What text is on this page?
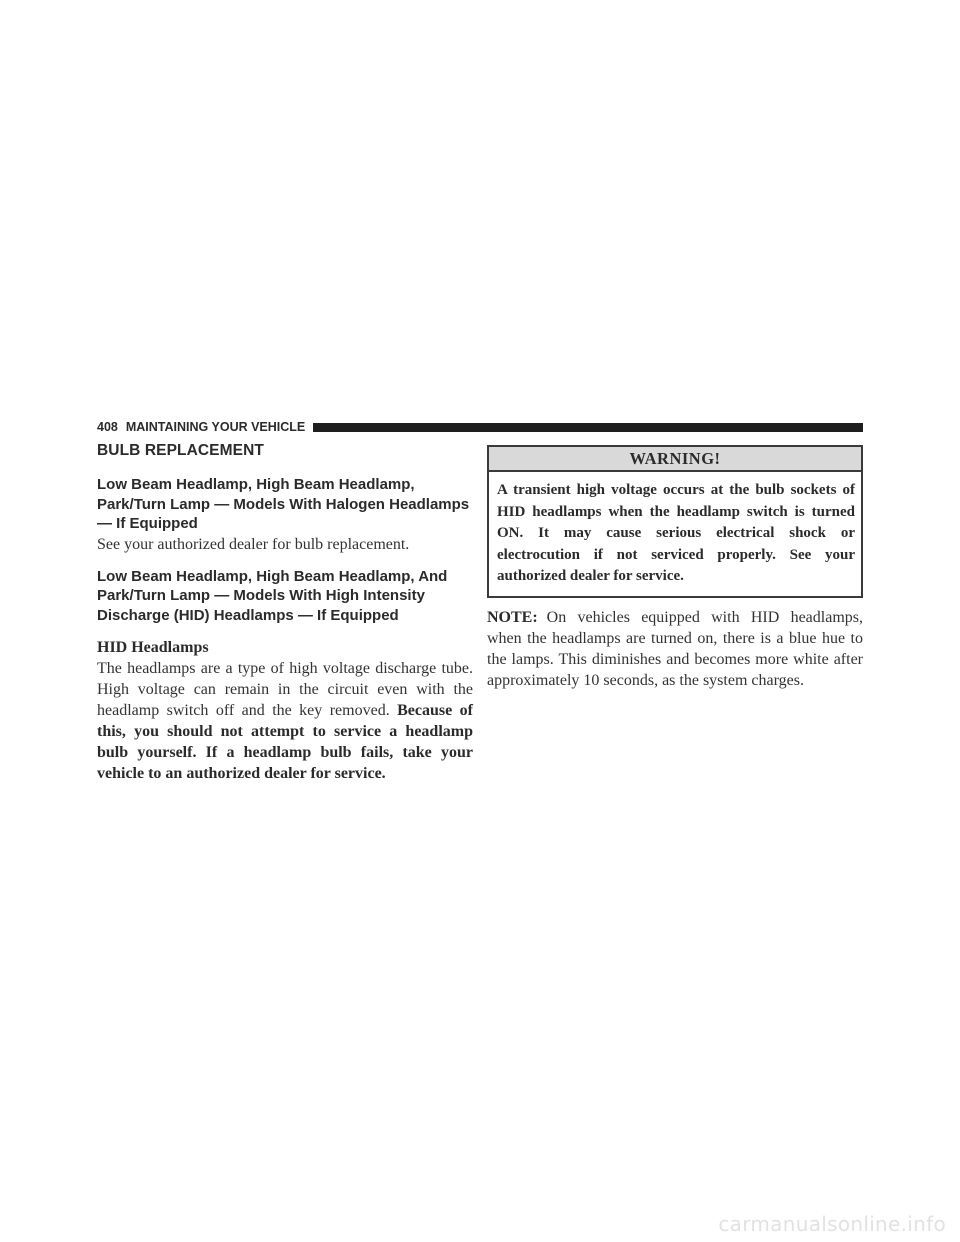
408 MAINTAINING YOUR VEHICLE
BULB REPLACEMENT
Low Beam Headlamp, High Beam Headlamp, Park/Turn Lamp — Models With Halogen Headlamps — If Equipped

See your authorized dealer for bulb replacement.

Low Beam Headlamp, High Beam Headlamp, And Park/Turn Lamp — Models With High Intensity Discharge (HID) Headlamps — If Equipped
HID Headlamps

The headlamps are a type of high voltage discharge tube. High voltage can remain in the circuit even with the headlamp switch off and the key removed. Because of this, you should not attempt to service a headlamp bulb yourself. If a headlamp bulb fails, take your vehicle to an authorized dealer for service.

WARNING!
A transient high voltage occurs at the bulb sockets of HID headlamps when the headlamp switch is turned ON. It may cause serious electrical shock or electrocution if not serviced properly. See your authorized dealer for service.

NOTE: On vehicles equipped with HID headlamps, when the headlamps are turned on, there is a blue hue to the lamps. This diminishes and becomes more white after approximately 10 seconds, as the system charges.

carmanualsonline.info
